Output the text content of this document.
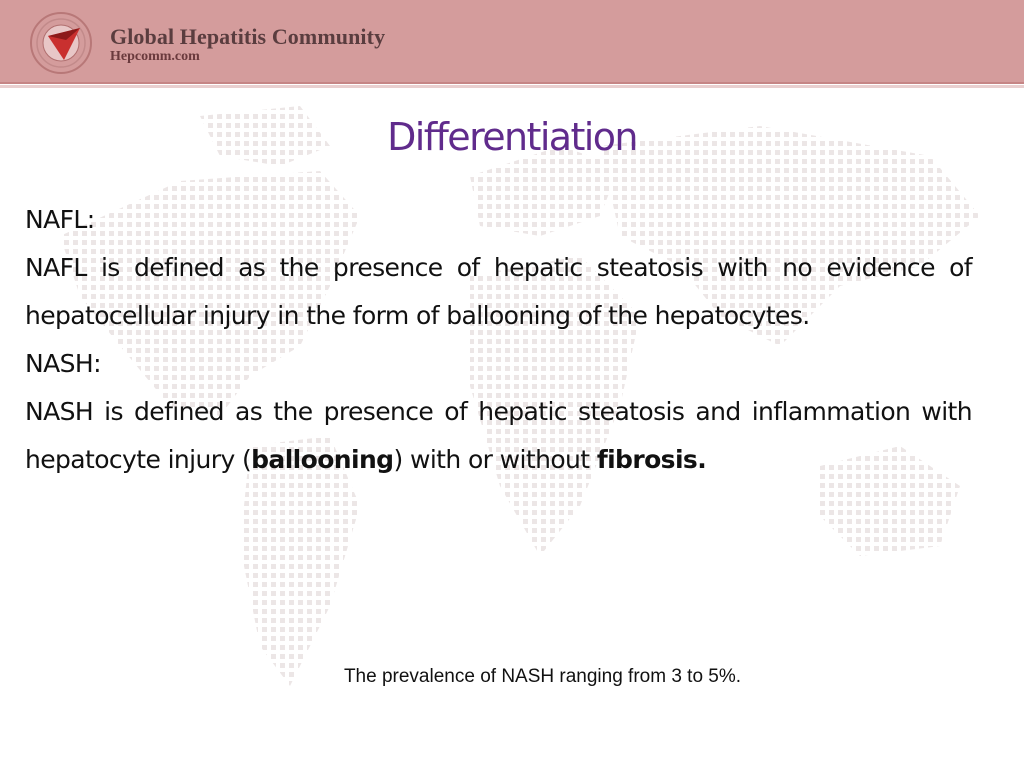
Global Hepatitis Community
Hepcomm.com
Differentiation

NAFL:

NAFL is defined as the presence of hepatic steatosis with no evidence of hepatocellular injury in the form of ballooning of the hepatocytes.

NASH:

NASH is defined as the presence of hepatic steatosis and inflammation with hepatocyte injury (ballooning) with or without fibrosis.

The prevalence of NASH ranging from 3 to 5%.
